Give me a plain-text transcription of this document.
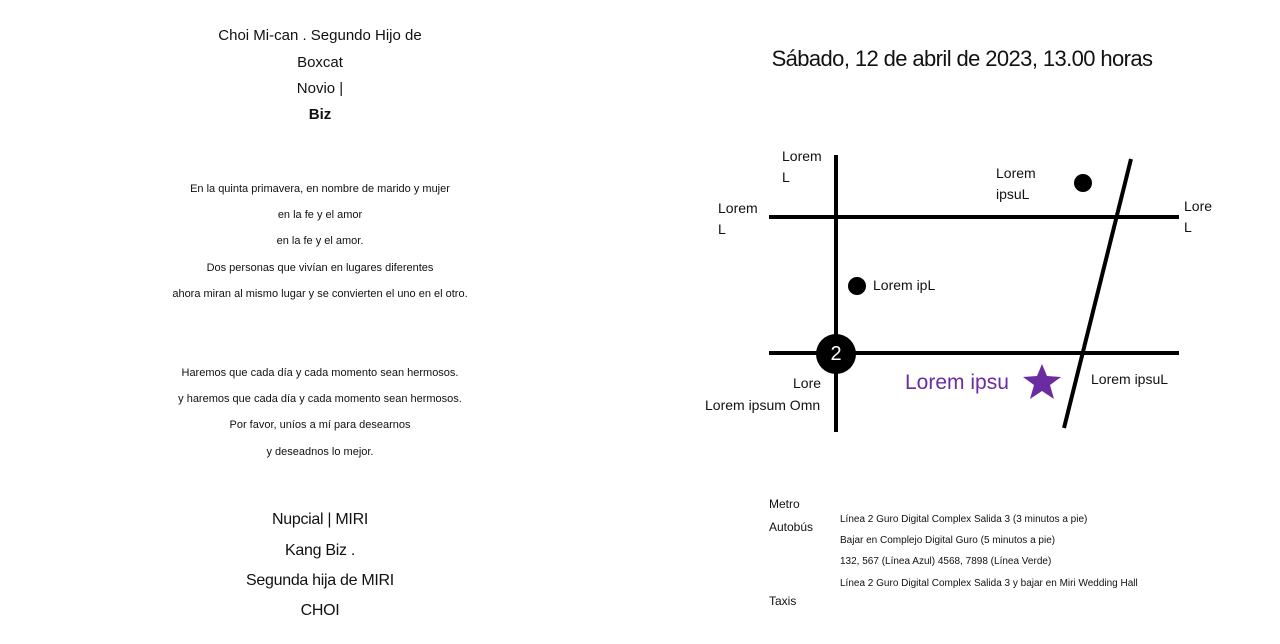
Choi Mi-can . Segundo Hijo de
Boxcat
Novio |
Biz
En la quinta primavera, en nombre de marido y mujer
en la fe y el amor
en la fe y el amor.
Dos personas que vivían en lugares diferentes
ahora miran al mismo lugar y se convierten el uno en el otro.
Haremos que cada día y cada momento sean hermosos.
y haremos que cada día y cada momento sean hermosos.
Por favor, uníos a mí para desearnos
y deseadnos lo mejor.
Nupcial | MIRI
Kang Biz .
Segunda hija de MIRI
CHOI
Sábado, 12 de abril de 2023, 13.00 horas
2
Lorem
L
Lorem
L
Lorem
ipsuL
Lore
L
Lorem ipL
Lore
Lorem ipsum Omn
Lorem ipsuL
Lorem ipsu
Metro
Autobús
Taxis
Línea 2 Guro Digital Complex Salida 3 (3 minutos a pie)
Bajar en Complejo Digital Guro (5 minutos a pie)
132, 567 (Línea Azul) 4568, 7898 (Línea Verde)
Línea 2 Guro Digital Complex Salida 3 y bajar en Miri Wedding Hall
